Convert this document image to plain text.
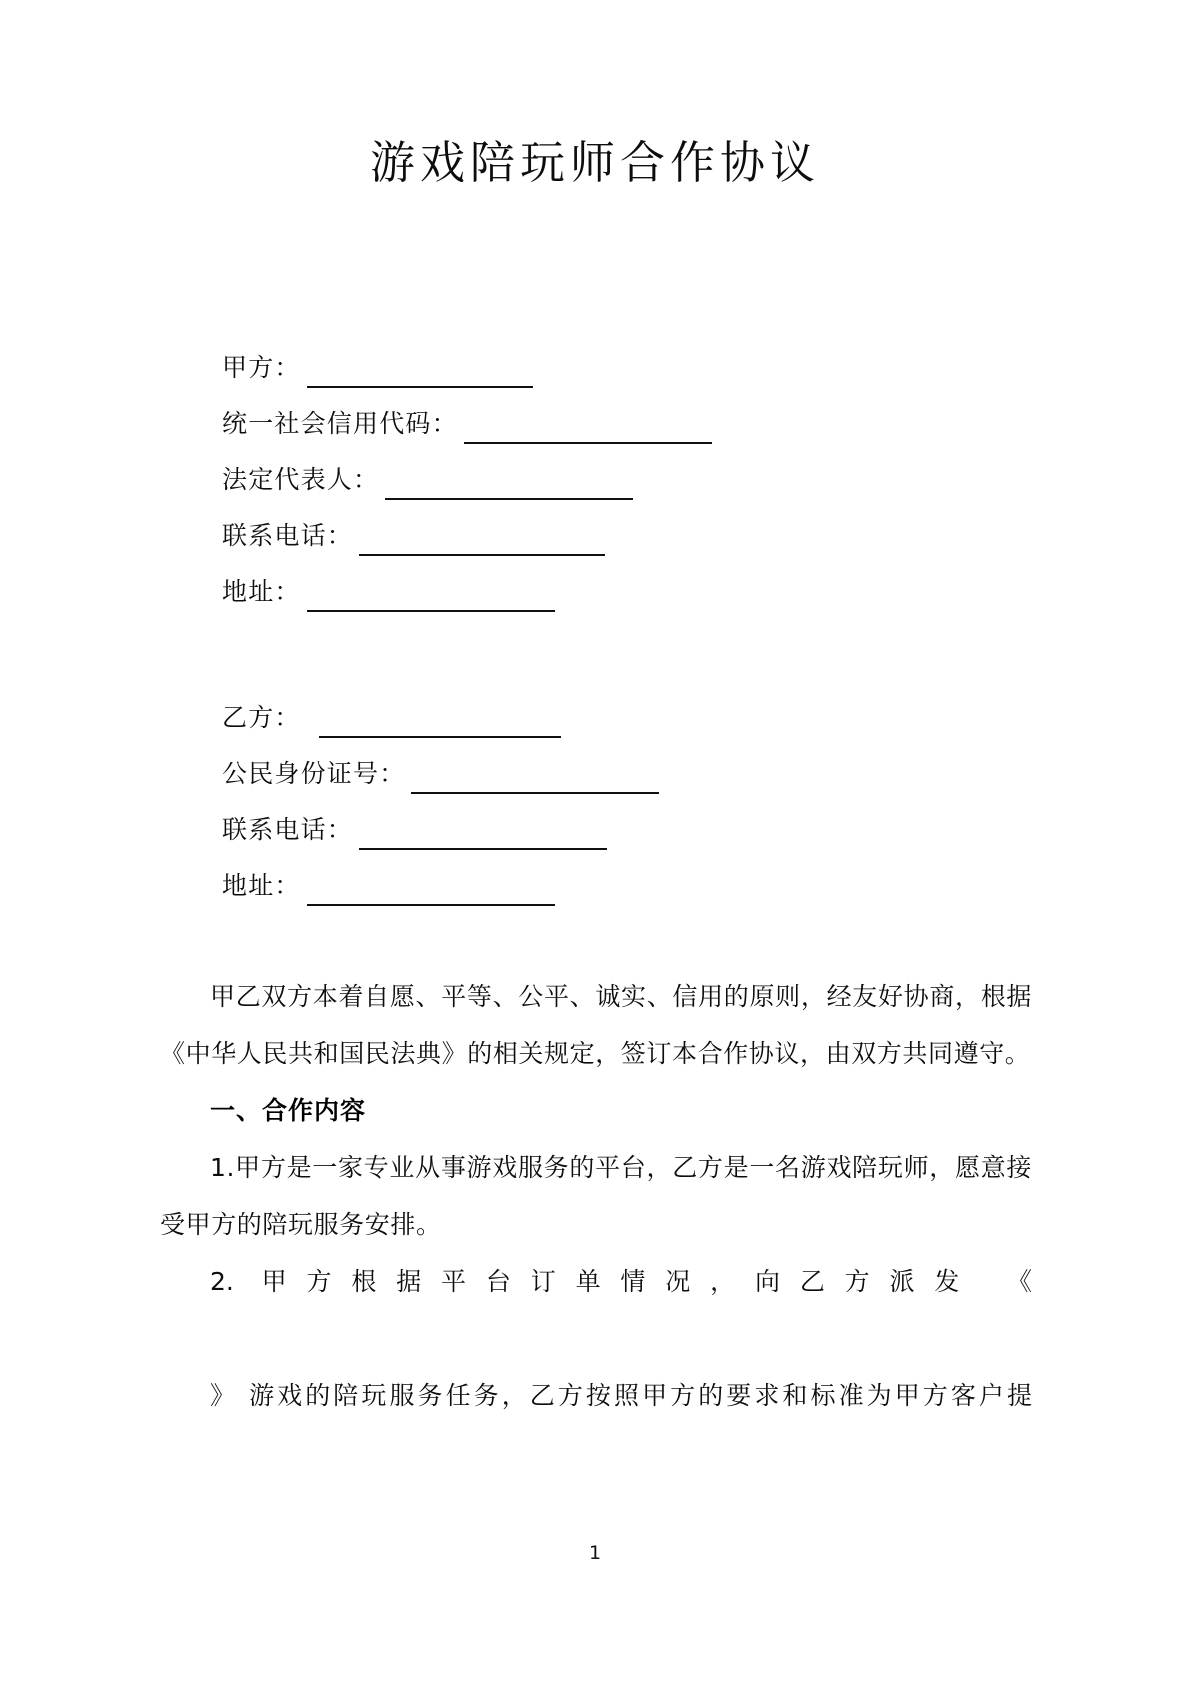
游戏陪玩师合作协议
甲方：
统一社会信用代码：
法定代表人：
联系电话：
地址：
乙方：
公民身份证号：
联系电话：
地址：

甲乙双方本着自愿、平等、公平、诚实、信用的原则，经友好协商，根据《中华人民共和国民法典》的相关规定，签订本合作协议，由双方共同遵守。

一、合作内容

1.甲方是一家专业从事游戏服务的平台，乙方是一名游戏陪玩师，愿意接受甲方的陪玩服务安排。

2. 甲方根据平台订单情况，向乙方派发 《
》 游戏的陪玩服务任务，乙方按照甲方的要求和标准为甲方客户提

1
